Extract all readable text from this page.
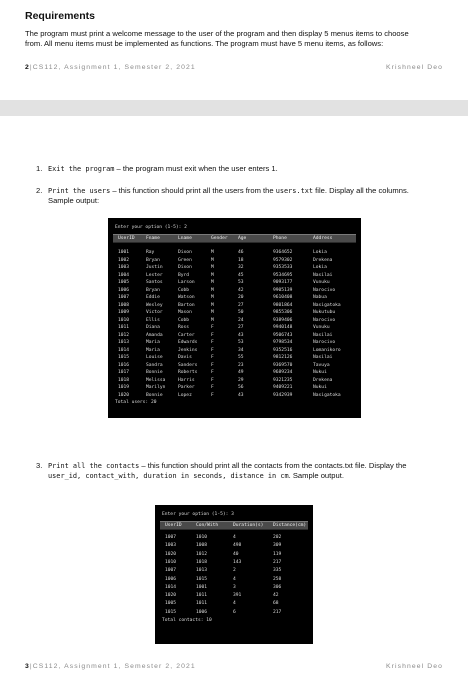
Requirements
The program must print a welcome message to the user of the program and then display 5 menus items to choose from. All menu items must be implemented as functions. The program must have 5 menu items, as follows:
2|CS112, Assignment 1, Semester 2, 2021	Krishneel Deo
1. Exit the program – the program must exit when the user enters 1.
2. Print the users – this function should print all the users from the users.txt file. Display all the columns. Sample output:
Enter your option (1-5): 2
UserID Fname	Lname	Gender Age	Phone	Address
1001	Ray	Dixon	M	46	9364652	Lokia
1002	Bryan	Green	M	18	9579302	Drekena
1003	Justin	Dixon	M	32	9353533	Lokia
1004	Lester	Byrd	M	45	9534695	Nasilai
1005	Santos	Larson	M	53	9093177	Vunuku
1006	Bryan	Cobb	M	42	9905139	Narocivo
1007	Eddie	Watson	M	20	9610408	Nabua
1008	Wesley	Barton	M	27	9801864	Nasigatoka
1009	Victor	Mason	M	50	9855306	Nukutubu
1010	Ellis	Cobb	M	24	9389406	Narocivo
1011	Diana	Ross	F	27	9940148	Vunuku
1012	Amanda	Carter	F	43	9506743	Nasilai
1013	Maria	Edwards	F	53	9798534	Narocivo
1014	Maria	Jenkins	F	34	9352516	Lomanikoro
1015	Louise	Davis	F	55	9812126	Nasilai
1016	Sandra	Sanders	F	23	9369570	Tavuya
1017	Bonnie	Roberts	F	49	9689234	Nukui
1018	Melissa	Harris	F	29	9321235	Drekena
1019	Marilyn	Parker	F	56	9409221	Nukui
1020	Bonnie	Lopez	F	43	9342939	Nasigatoka
Total users: 20
3. Print all the contacts – this function should print all the contacts from the contacts.txt file. Display the user_id, contact_with, duration in seconds, distance in cm. Sample output.
Enter your option (1-5): 3
UserID	Con/With	Duration(s) Distance(cm)
1007	1010	4	202
1003	1008	498	309
1020	1012	40	119
1010	1018	143	217
1007	1013	2	335
1006	1015	4	258
1014	1001	3	306
1020	1011	391	42
1005	1011	4	68
1015	1006	6	217
Total contacts: 10
3|CS112, Assignment 1, Semester 2, 2021	Krishneel Deo
